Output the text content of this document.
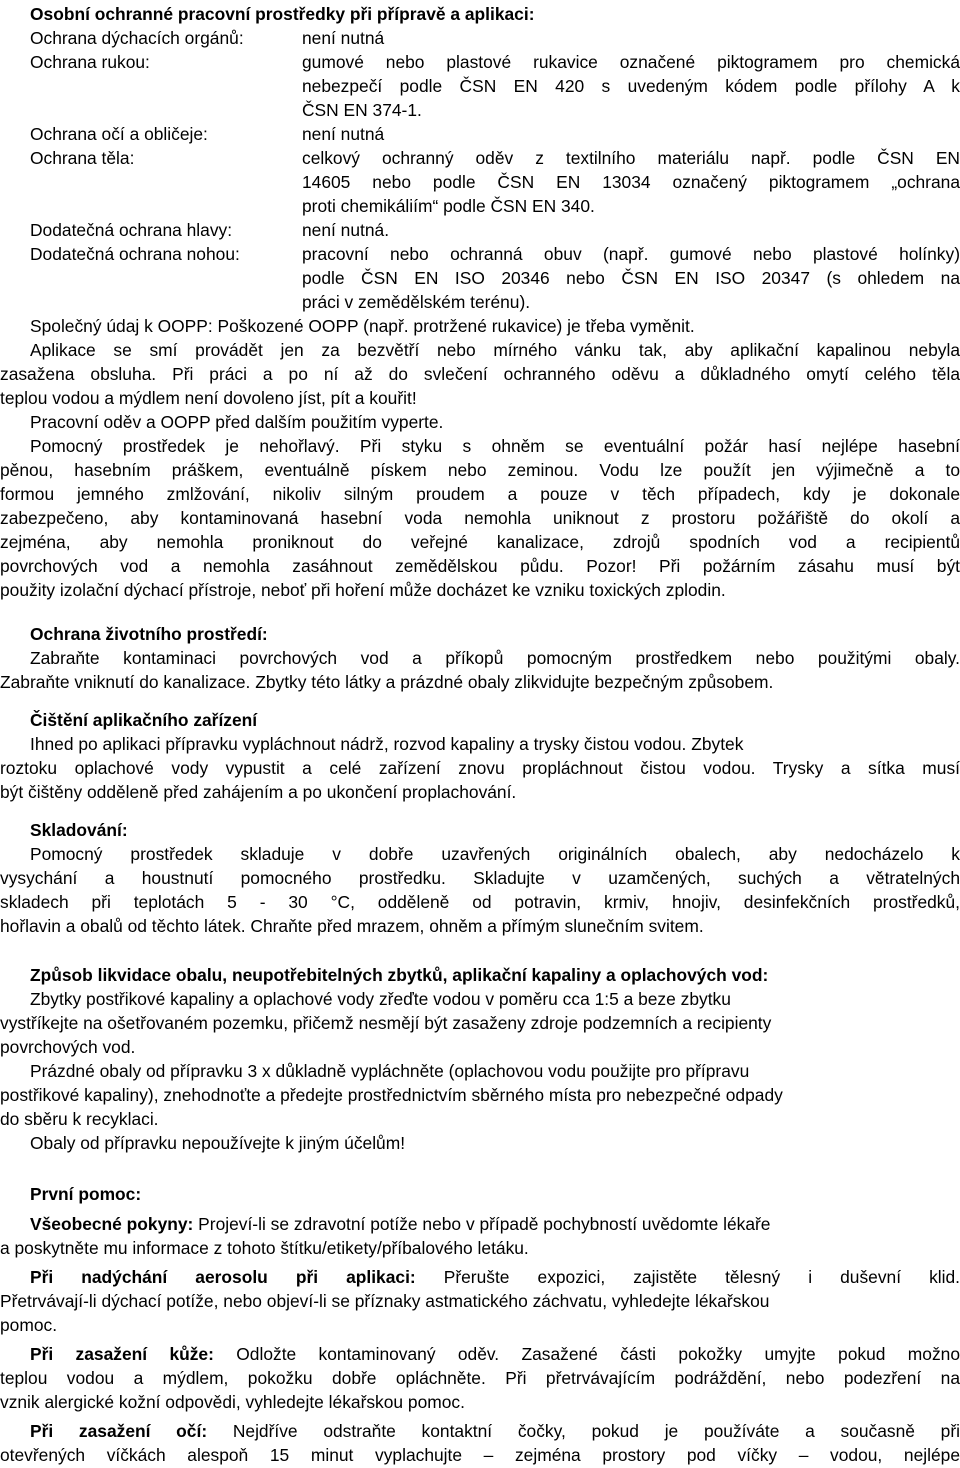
Osobní ochranné pracovní prostředky při přípravě a aplikaci:
Ochrana dýchacích orgánů:	není nutná
Ochrana rukou:	gumové nebo plastové rukavice označené piktogramem pro chemická
nebezpečí podle ČSN EN 420 s uvedeným kódem podle přílohy A k
ČSN EN 374-1.
Ochrana očí a obličeje:	není nutná
Ochrana těla:	celkový ochranný oděv z textilního materiálu např. podle ČSN EN
14605 nebo podle ČSN EN 13034 označený piktogramem „ochrana
proti chemikáliím“ podle ČSN EN 340.
Dodatečná ochrana hlavy:	není nutná.
Dodatečná ochrana nohou:	pracovní nebo ochranná obuv (např. gumové nebo plastové holínky)
podle ČSN EN ISO 20346 nebo ČSN EN ISO 20347 (s ohledem na
práci v zemědělském terénu).
Společný údaj k OOPP: Poškozené OOPP (např. protržené rukavice) je třeba vyměnit.
Aplikace se smí provádět jen za bezvětří nebo mírného vánku tak, aby aplikační kapalinou nebyla
zasažena obsluha. Při práci a po ní až do svlečení ochranného oděvu a důkladného omytí celého těla
teplou vodou a mýdlem není dovoleno jíst, pít a kouřit!
Pracovní oděv a OOPP před dalším použitím vyperte.
Pomocný prostředek je nehořlavý. Při styku s ohněm se eventuální požár hasí nejlépe hasební
pěnou, hasebním práškem, eventuálně pískem nebo zeminou. Vodu lze použít jen výjimečně a to
formou jemného zmlžování, nikoliv silným proudem a pouze v těch případech, kdy je dokonale
zabezpečeno, aby kontaminovaná hasební voda nemohla uniknout z prostoru požářiště do okolí a
zejména, aby nemohla proniknout do veřejné kanalizace, zdrojů spodních vod a recipientů
povrchových vod a nemohla zasáhnout zemědělskou půdu. Pozor! Při požárním zásahu musí být
použity izolační dýchací přístroje, neboť při hoření může docházet ke vzniku toxických zplodin.
Ochrana životního prostředí:
Zabraňte kontaminaci povrchových vod a příkopů pomocným prostředkem nebo použitými obaly.
Zabraňte vniknutí do kanalizace. Zbytky této látky a prázdné obaly zlikvidujte bezpečným způsobem.
Čištění aplikačního zařízení
Ihned po aplikaci přípravku vypláchnout nádrž, rozvod kapaliny a trysky čistou vodou. Zbytek
roztoku oplachové vody vypustit a celé zařízení znovu propláchnout čistou vodou. Trysky a sítka musí
být čištěny odděleně před zahájením a po ukončení proplachování.
Skladování:
Pomocný prostředek skladuje v dobře uzavřených originálních obalech, aby nedocházelo k
vysychání a houstnutí pomocného prostředku. Skladujte v uzamčených, suchých a větratelných
skladech při teplotách 5 - 30 °C, odděleně od potravin, krmiv, hnojiv, desinfekčních prostředků,
hořlavin a obalů od těchto látek. Chraňte před mrazem, ohněm a přímým slunečním svitem.
Způsob likvidace obalu, neupotřebitelných zbytků, aplikační kapaliny a oplachových vod:
Zbytky postřikové kapaliny a oplachové vody zřeďte vodou v poměru cca 1:5 a beze zbytku
vystříkejte na ošetřovaném pozemku, přičemž nesmějí být zasaženy zdroje podzemních a recipienty
povrchových vod.
Prázdné obaly od přípravku 3 x důkladně vypláchněte (oplachovou vodu použijte pro přípravu
postřikové kapaliny), znehodnoťte a předejte prostřednictvím sběrného místa pro nebezpečné odpady
do sběru k recyklaci.
Obaly od přípravku nepoužívejte k jiným účelům!
První pomoc:
Všeobecné pokyny: Projeví-li se zdravotní potíže nebo v případě pochybností uvědomte lékaře
a poskytněte mu informace z tohoto štítku/etikety/příbalového letáku.
Při nadýchání aerosolu při aplikaci: Přerušte expozici, zajistěte tělesný i duševní klid.
Přetrvávají-li dýchací potíže, nebo objeví-li se příznaky astmatického záchvatu, vyhledejte lékařskou
pomoc.
Při zasažení kůže: Odložte kontaminovaný oděv. Zasažené části pokožky umyjte pokud možno
teplou vodou a mýdlem, pokožku dobře opláchněte. Při přetrvávajícím podráždění, nebo podezření na
vznik alergické kožní odpovědi, vyhledejte lékařskou pomoc.
Při zasažení očí: Nejdříve odstraňte kontaktní čočky, pokud je používáte a současně při
otevřených víčkách alespoň 15 minut vyplachujte – zejména prostory pod víčky – vodou, nejlépe
